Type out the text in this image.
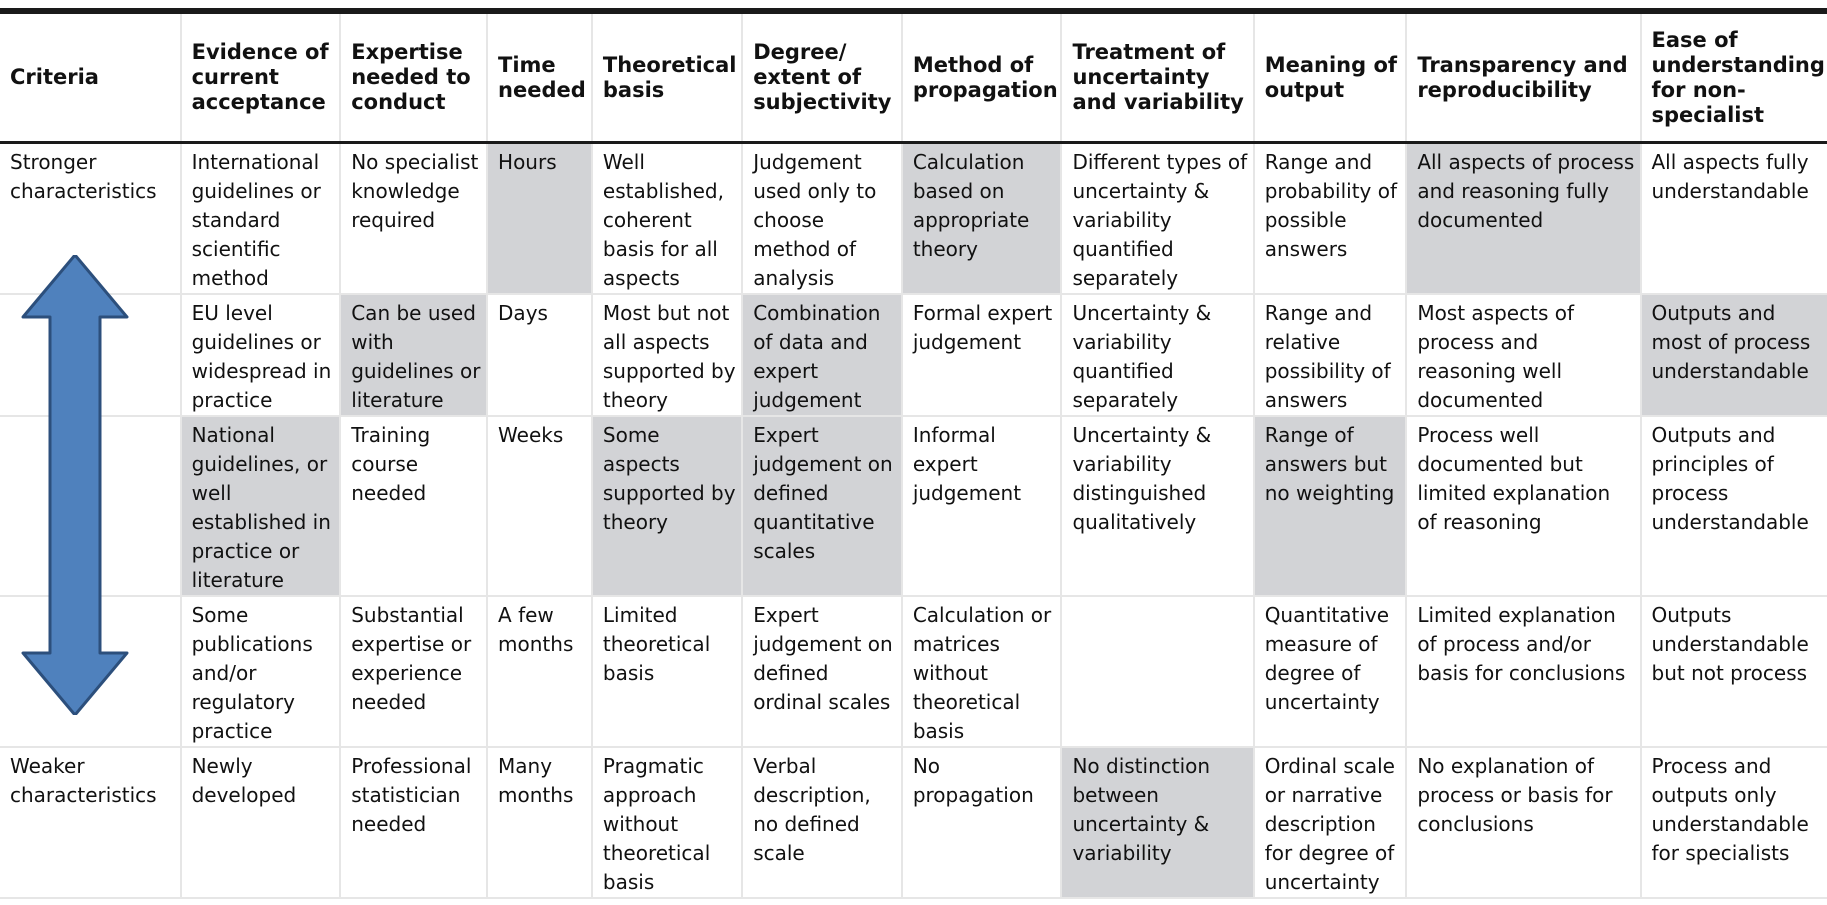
Criteria	Evidence of current acceptance	Expertise needed to conduct	Time needed	Theoretical basis	Degree/ extent of subjectivity	Method of propagation	Treatment of uncertainty and variability	Meaning of output	Transparency and reproducibility	Ease of understanding for non-specialist
Stronger characteristics	International guidelines or standard scientific method	No specialist knowledge required	Hours	Well established, coherent basis for all aspects	Judgement used only to choose method of analysis	Calculation based on appropriate theory	Different types of uncertainty & variability quantified separately	Range and probability of possible answers	All aspects of process and reasoning fully documented	All aspects fully understandable
	EU level guidelines or widespread in practice	Can be used with guidelines or literature	Days	Most but not all aspects supported by theory	Combination of data and expert judgement	Formal expert judgement	Uncertainty & variability quantified separately	Range and relative possibility of answers	Most aspects of process and reasoning well documented	Outputs and most of process understandable
	National guidelines, or well established in practice or literature	Training course needed	Weeks	Some aspects supported by theory	Expert judgement on defined quantitative scales	Informal expert judgement	Uncertainty & variability distinguished qualitatively	Range of answers but no weighting	Process well documented but limited explanation of reasoning	Outputs and principles of process understandable
	Some publications and/or regulatory practice	Substantial expertise or experience needed	A few months	Limited theoretical basis	Expert judgement on defined ordinal scales	Calculation or matrices without theoretical basis		Quantitative measure of degree of uncertainty	Limited explanation of process and/or basis for conclusions	Outputs understandable but not process
Weaker characteristics	Newly developed	Professional statistician needed	Many months	Pragmatic approach without theoretical basis	Verbal description, no defined scale	No propagation	No distinction between uncertainty & variability	Ordinal scale or narrative description for degree of uncertainty	No explanation of process or basis for conclusions	Process and outputs only understandable for specialists
